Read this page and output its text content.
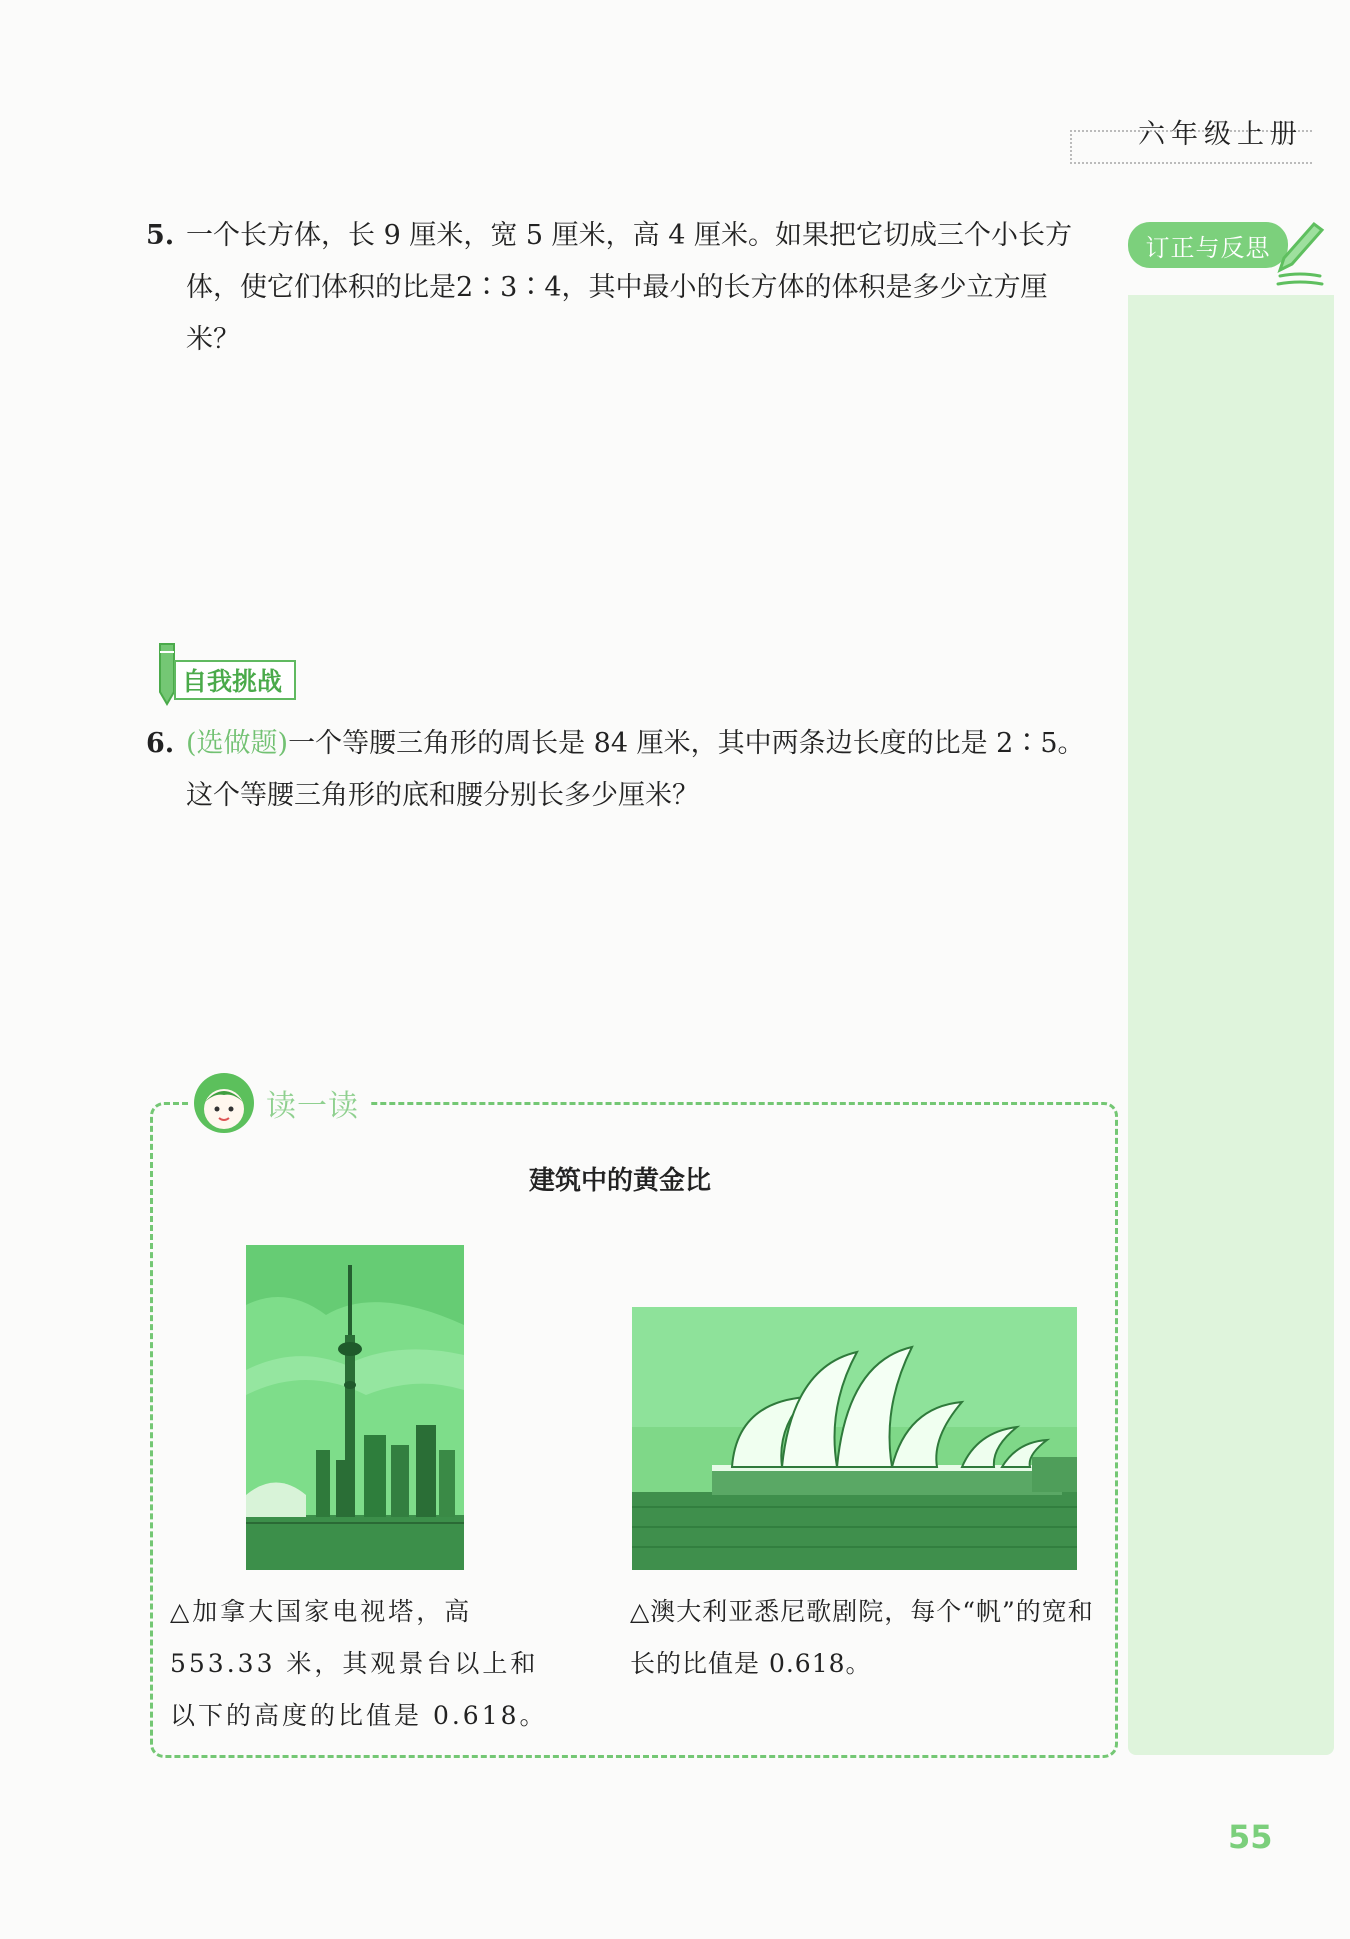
六年级上册
订正与反思
5. 一个长方体，长 9 厘米，宽 5 厘米，高 4 厘米。如果把它切成三个小长方体，使它们体积的比是2∶3∶4，其中最小的长方体的体积是多少立方厘米？
自我挑战
6. (选做题)一个等腰三角形的周长是 84 厘米，其中两条边长度的比是 2∶5。这个等腰三角形的底和腰分别长多少厘米？
读一读
建筑中的黄金比
△加拿大国家电视塔，高553.33 米，其观景台以上和以下的高度的比值是 0.618。
△澳大利亚悉尼歌剧院，每个“帆”的宽和长的比值是 0.618。
55
